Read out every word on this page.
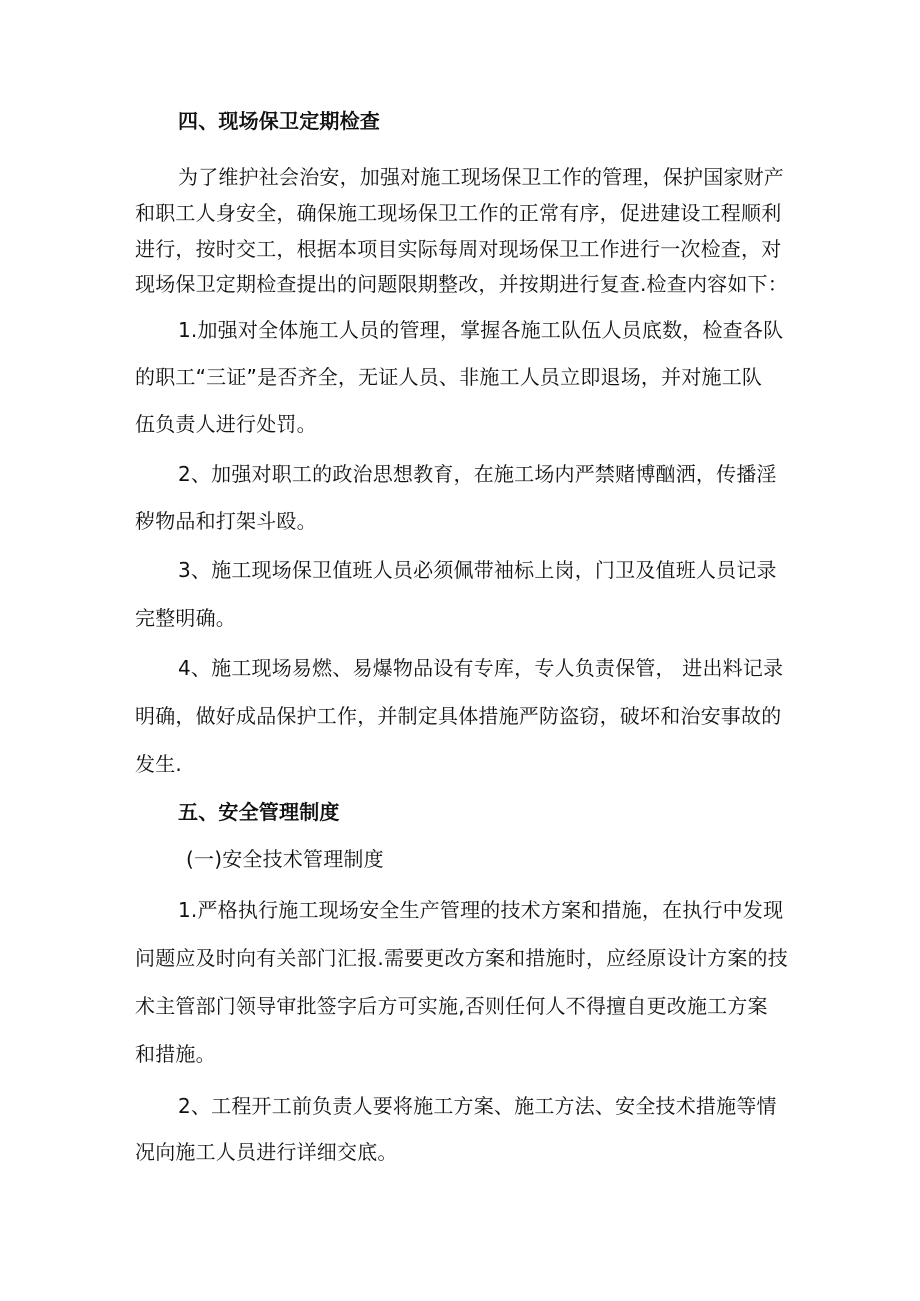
四、现场保卫定期检查
为了维护社会治安，加强对施工现场保卫工作的管理，保护国家财产
和职工人身安全，确保施工现场保卫工作的正常有序，促进建设工程顺利
进行，按时交工，根据本项目实际每周对现场保卫工作进行一次检查，对
现场保卫定期检查提出的问题限期整改，并按期进行复查.检查内容如下：
1.加强对全体施工人员的管理，掌握各施工队伍人员底数，检查各队
的职工“三证”是否齐全，无证人员、非施工人员立即退场，并对施工队
伍负责人进行处罚。
2、加强对职工的政治思想教育，在施工场内严禁赌博酗洒，传播淫
秽物品和打架斗殴。
3、施工现场保卫值班人员必须佩带袖标上岗，门卫及值班人员记录
完整明确。
4、施工现场易燃、易爆物品设有专库，专人负责保管， 进出料记录
明确，做好成品保护工作，并制定具体措施严防盗窃，破坏和治安事故的
发生.
五、安全管理制度
(一)安全技术管理制度
1.严格执行施工现场安全生产管理的技术方案和措施，在执行中发现
问题应及时向有关部门汇报.需要更改方案和措施时，应经原设计方案的技
术主管部门领导审批签字后方可实施,否则任何人不得擅自更改施工方案
和措施。
2、工程开工前负责人要将施工方案、施工方法、安全技术措施等情
况向施工人员进行详细交底。
